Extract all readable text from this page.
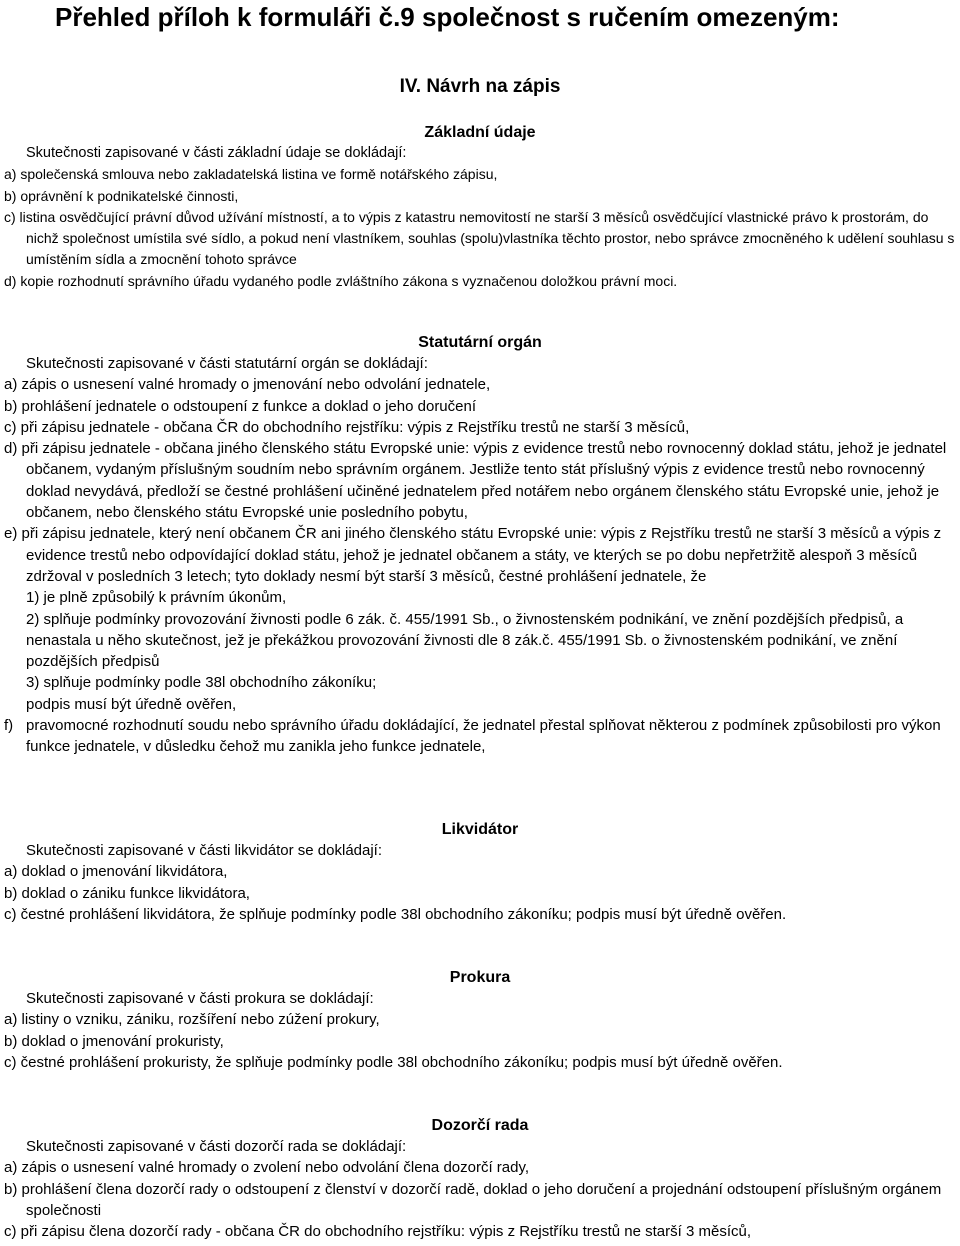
Přehled příloh k formuláři č.9 společnost s ručením omezeným:
IV. Návrh na zápis

Základní údaje

Skutečnosti zapisované v části základní údaje se dokládají:

a) společenská smlouva nebo zakladatelská listina ve formě notářského zápisu,

b) oprávnění k podnikatelské činnosti,

c) listina osvědčující právní důvod užívání místností, a to výpis z katastru nemovitostí ne starší 3 měsíců osvědčující vlastnické právo k prostorám, do nichž společnost umístila své sídlo, a pokud není vlastníkem, souhlas (spolu)vlastníka těchto prostor, nebo správce zmocněného k udělení souhlasu s umístěním sídla a zmocnění tohoto správce

d) kopie rozhodnutí správního úřadu vydaného podle zvláštního zákona s vyznačenou doložkou právní moci.

Statutární orgán

Skutečnosti zapisované v části statutární orgán se dokládají:

a) zápis o usnesení valné hromady o jmenování nebo odvolání jednatele,

b) prohlášení jednatele o odstoupení z funkce a doklad o jeho doručení

c) při zápisu jednatele - občana ČR do obchodního rejstříku: výpis z Rejstříku trestů ne starší 3 měsíců,

d) při zápisu jednatele - občana jiného členského státu Evropské unie: výpis z evidence trestů nebo rovnocenný doklad státu, jehož je jednatel občanem, vydaným příslušným soudním nebo správním orgánem. Jestliže tento stát příslušný výpis z evidence trestů nebo rovnocenný doklad nevydává, předloží se čestné prohlášení učiněné jednatelem před notářem nebo orgánem členského státu Evropské unie, jehož je občanem, nebo členského státu Evropské unie posledního pobytu,

e) při zápisu jednatele, který není občanem ČR ani jiného členského státu Evropské unie: výpis z Rejstříku trestů ne starší 3 měsíců a výpis z evidence trestů nebo odpovídající doklad státu, jehož je jednatel občanem a státy, ve kterých se po dobu nepřetržitě alespoň 3 měsíců zdržoval v posledních 3 letech; tyto doklady nesmí být starší 3 měsíců, čestné prohlášení jednatele, že

1) je plně způsobilý k právním úkonům,

2) splňuje podmínky provozování živnosti podle 6 zák. č. 455/1991 Sb., o živnostenském podnikání, ve znění pozdějších předpisů, a nenastala u něho skutečnost, jež je překážkou provozování živnosti dle 8 zák.č. 455/1991 Sb. o živnostenském podnikání, ve znění pozdějších předpisů

3) splňuje podmínky podle 38l obchodního zákoníku;

podpis musí být úředně ověřen,

f) pravomocné rozhodnutí soudu nebo správního úřadu dokládající, že jednatel přestal splňovat některou z podmínek způsobilosti pro výkon funkce jednatele, v důsledku čehož mu zanikla jeho funkce jednatele,

Likvidátor

Skutečnosti zapisované v části likvidátor se dokládají:

a) doklad o jmenování likvidátora,

b) doklad o zániku funkce likvidátora,

c) čestné prohlášení likvidátora, že splňuje podmínky podle 38l obchodního zákoníku; podpis musí být úředně ověřen.

Prokura

Skutečnosti zapisované v části prokura se dokládají:

a) listiny o vzniku, zániku, rozšíření nebo zúžení prokury,

b) doklad o jmenování prokuristy,

c) čestné prohlášení prokuristy, že splňuje podmínky podle 38l obchodního zákoníku; podpis musí být úředně ověřen.

Dozorčí rada

Skutečnosti zapisované v části dozorčí rada se dokládají:

a) zápis o usnesení valné hromady o zvolení nebo odvolání člena dozorčí rady,

b) prohlášení člena dozorčí rady o odstoupení z členství v dozorčí radě, doklad o jeho doručení a projednání odstoupení příslušným orgánem společnosti

c) při zápisu člena dozorčí rady - občana ČR do obchodního rejstříku: výpis z Rejstříku trestů ne starší 3 měsíců,
